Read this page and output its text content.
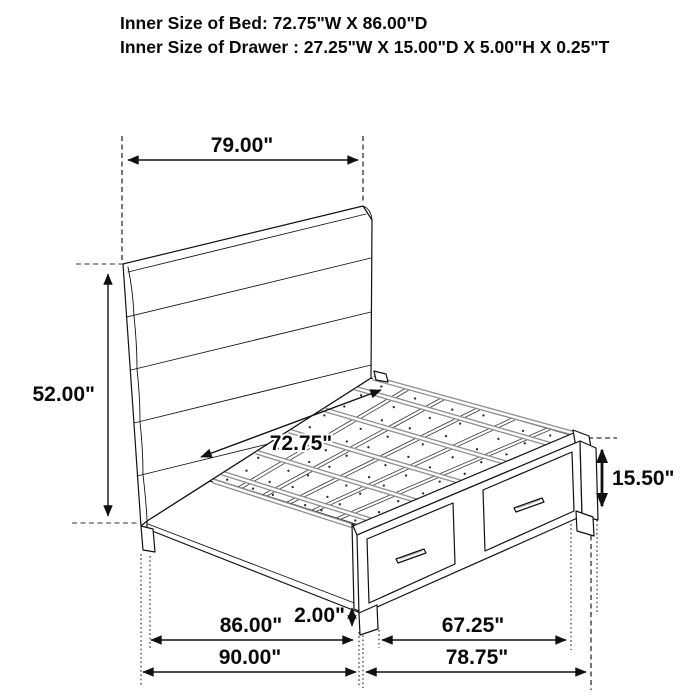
Inner Size of Bed: 72.75"W X 86.00"D
Inner Size of Drawer : 27.25"W X 15.00"D X 5.00"H X 0.25"T
79.00"
52.00"
72.75"
15.50"
2.00"
86.00"	67.25"
90.00"	78.75"
